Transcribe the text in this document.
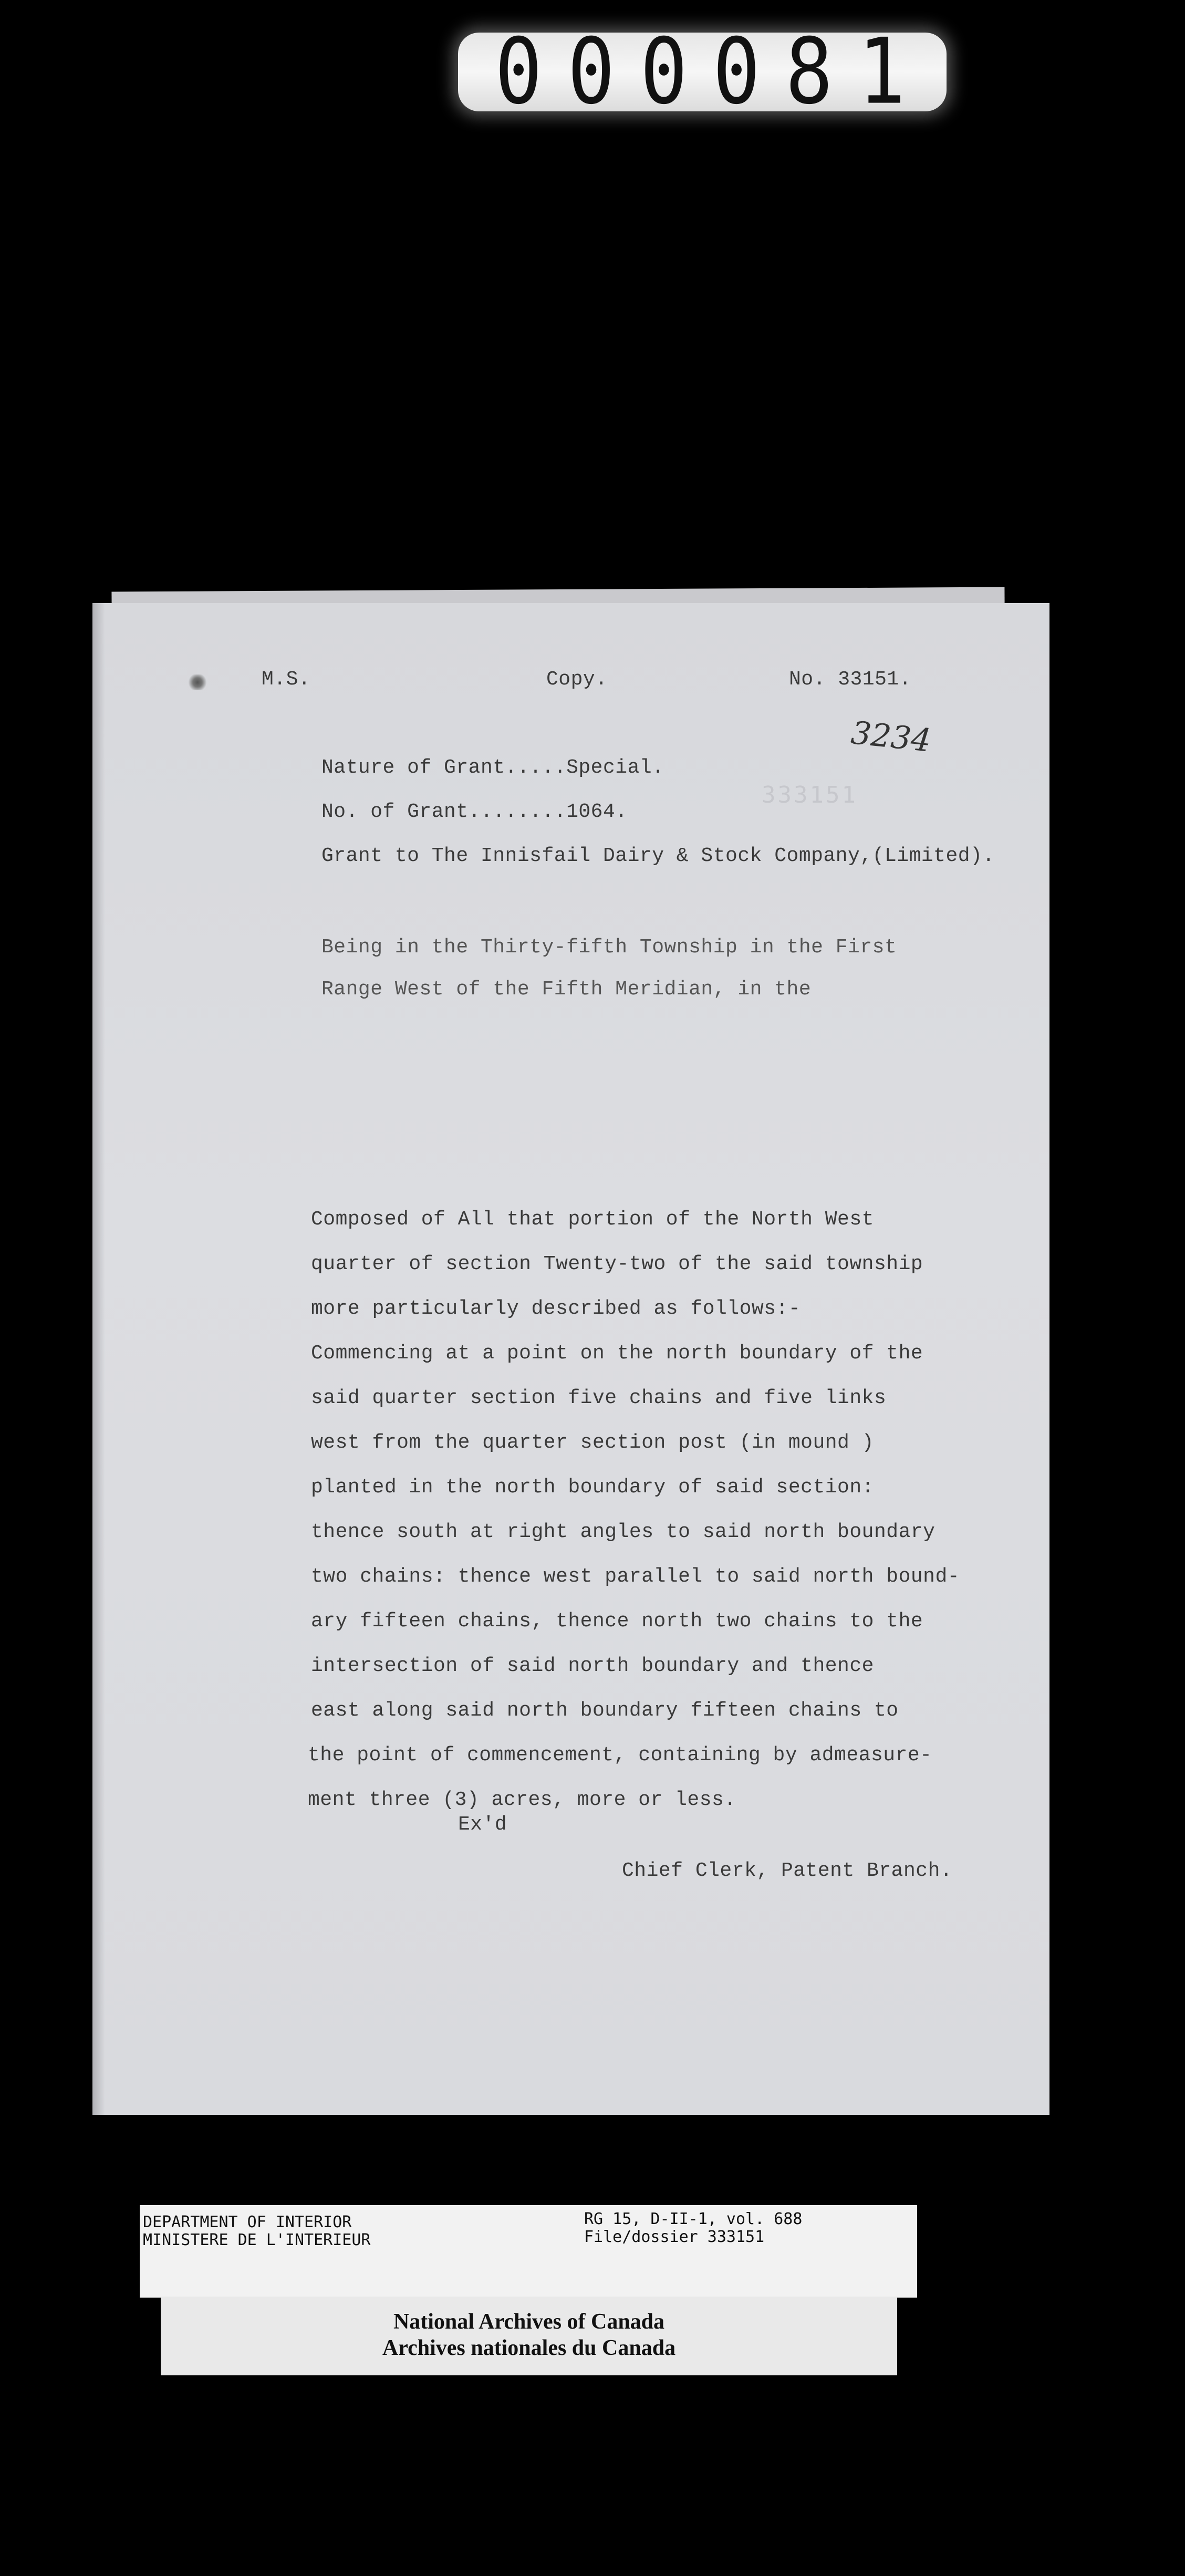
000081
M.S.	Copy.	No. 33151.
3234
333151
Nature of Grant.....Special.
No. of Grant........1064.
Grant to The Innisfail Dairy & Stock Company,(Limited).
Being in the Thirty-fifth Township in the First
Range West of the Fifth Meridian, in the
Composed of All that portion of the North West
quarter of section Twenty-two of the said township
more particularly described as follows:-
Commencing at a point on the north boundary of the
said quarter section five chains and five links
west from the quarter section post (in mound )
planted in the north boundary of said section:
thence south at right angles to said north boundary
two chains: thence west parallel to said north bound-
ary fifteen chains, thence north two chains to the
intersection of said north boundary and thence
east along said north boundary fifteen chains to
the point of commencement, containing by admeasure-
ment three (3) acres, more or less.
Ex'd
Chief Clerk, Patent Branch.
DEPARTMENT OF INTERIOR
MINISTERE DE L'INTERIEUR
RG 15, D-II-1, vol. 688
File/dossier 333151
National Archives of Canada
Archives nationales du Canada
